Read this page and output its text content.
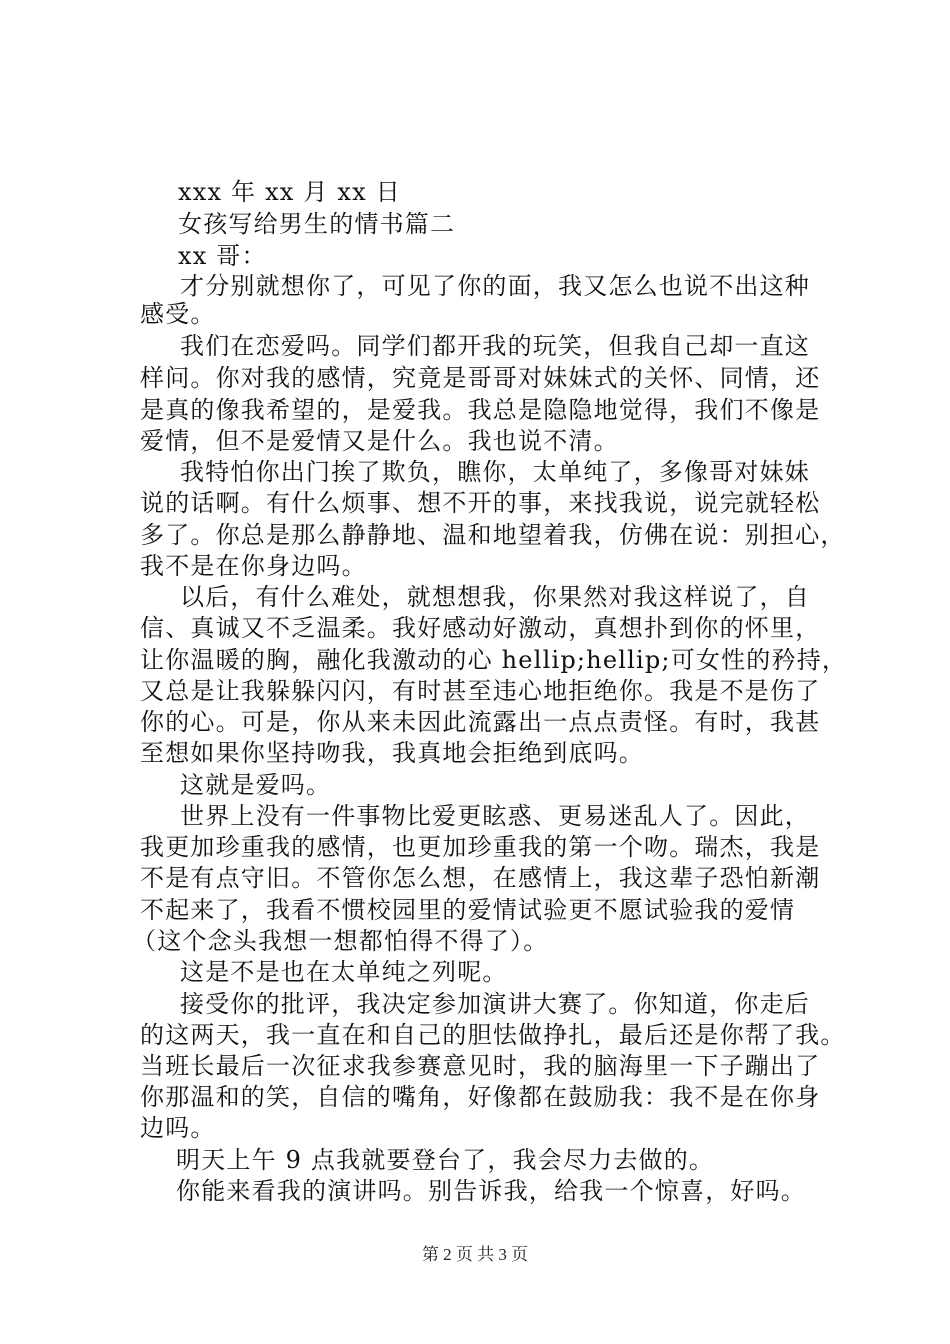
xxx 年 xx 月 xx 日
女孩写给男生的情书篇二
xx 哥：
才分别就想你了，可见了你的面，我又怎么也说不出这种
感受。
我们在恋爱吗。同学们都开我的玩笑，但我自己却一直这
样问。你对我的感情，究竟是哥哥对妹妹式的关怀、同情，还
是真的像我希望的，是爱我。我总是隐隐地觉得，我们不像是
爱情，但不是爱情又是什么。我也说不清。
我特怕你出门挨了欺负，瞧你，太单纯了，多像哥对妹妹
说的话啊。有什么烦事、想不开的事，来找我说，说完就轻松
多了。你总是那么静静地、温和地望着我，仿佛在说：别担心，
我不是在你身边吗。
以后，有什么难处，就想想我，你果然对我这样说了，自
信、真诚又不乏温柔。我好感动好激动，真想扑到你的怀里，
让你温暖的胸，融化我激动的心 hellip;hellip;可女性的矜持，
又总是让我躲躲闪闪，有时甚至违心地拒绝你。我是不是伤了
你的心。可是，你从来未因此流露出一点点责怪。有时，我甚
至想如果你坚持吻我，我真地会拒绝到底吗。
这就是爱吗。
世界上没有一件事物比爱更眩惑、更易迷乱人了。因此，
我更加珍重我的感情，也更加珍重我的第一个吻。瑞杰，我是
不是有点守旧。不管你怎么想，在感情上，我这辈子恐怕新潮
不起来了，我看不惯校园里的爱情试验更不愿试验我的爱情
（这个念头我想一想都怕得不得了）。
这是不是也在太单纯之列呢。
接受你的批评，我决定参加演讲大赛了。你知道，你走后
的这两天，我一直在和自己的胆怯做挣扎，最后还是你帮了我。
当班长最后一次征求我参赛意见时，我的脑海里一下子蹦出了
你那温和的笑，自信的嘴角，好像都在鼓励我：我不是在你身
边吗。
明天上午 9 点我就要登台了，我会尽力去做的。
你能来看我的演讲吗。别告诉我，给我一个惊喜，好吗。
第 2 页 共 3 页
